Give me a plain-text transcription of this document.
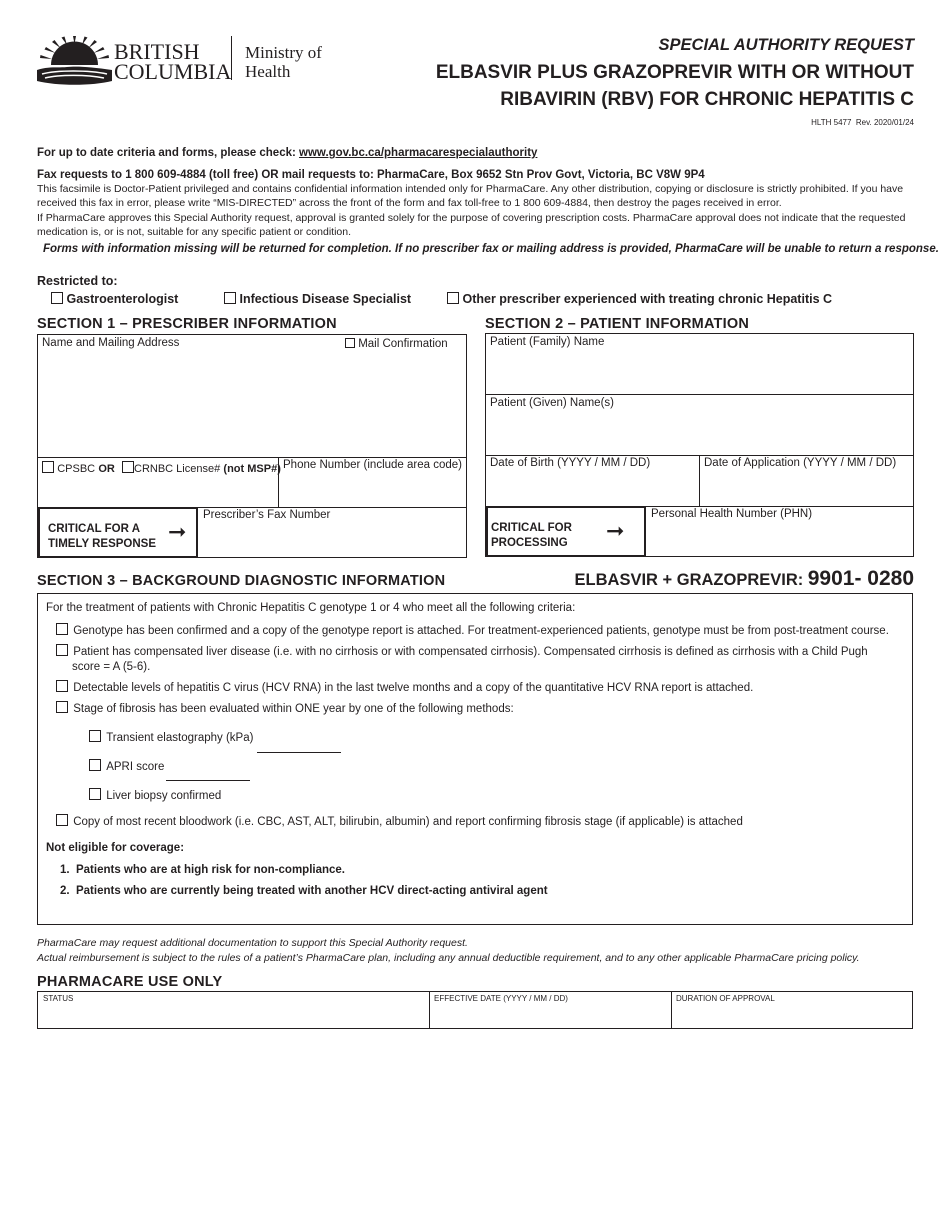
BRITISH
COLUMBIA
Ministry of
Health
SPECIAL AUTHORITY REQUEST
ELBASVIR PLUS GRAZOPREVIR WITH OR WITHOUT
RIBAVIRIN (RBV) FOR CHRONIC HEPATITIS C
HLTH 5477 Rev. 2020/01/24
For up to date criteria and forms, please check: www.gov.bc.ca/pharmacarespecialauthority
Fax requests to 1 800 609-4884 (toll free) OR mail requests to: PharmaCare, Box 9652 Stn Prov Govt, Victoria, BC V8W 9P4
This facsimile is Doctor-Patient privileged and contains confidential information intended only for PharmaCare. Any other distribution, copying or disclosure is strictly prohibited. If you have
received this fax in error, please write “MIS-DIRECTED” across the front of the form and fax toll-free to 1 800 609-4884, then destroy the pages received in error.
If PharmaCare approves this Special Authority request, approval is granted solely for the purpose of covering prescription costs. PharmaCare approval does not indicate that the requested
medication is, or is not, suitable for any specific patient or condition.
Forms with information missing will be returned for completion. If no prescriber fax or mailing address is provided, PharmaCare will be unable to return a response.
Restricted to:
Gastroenterologist	Infectious Disease Specialist	Other prescriber experienced with treating chronic Hepatitis C
SECTION 1 – PRESCRIBER INFORMATION
Name and Mailing Address	Mail Confirmation
CPSBC OR CRNBC License# (not MSP#) Phone Number (include area code)
CRITICAL FOR A
TIMELY RESPONSE ➞
Prescriber’s Fax Number
SECTION 2 – PATIENT INFORMATION
Patient (Family) Name
Patient (Given) Name(s)
Date of Birth (YYYY / MM / DD)	Date of Application (YYYY / MM / DD)
CRITICAL FOR
PROCESSING ➞
Personal Health Number (PHN)
SECTION 3 – BACKGROUND DIAGNOSTIC INFORMATION	ELBASVIR + GRAZOPREVIR: 9901- 0280
For the treatment of patients with Chronic Hepatitis C genotype 1 or 4 who meet all the following criteria:
Genotype has been confirmed and a copy of the genotype report is attached. For treatment-experienced patients, genotype must be from post-treatment course.
Patient has compensated liver disease (i.e. with no cirrhosis or with compensated cirrhosis). Compensated cirrhosis is defined as cirrhosis with a Child Pugh
score = A (5-6).
Detectable levels of hepatitis C virus (HCV RNA) in the last twelve months and a copy of the quantitative HCV RNA report is attached.
Stage of fibrosis has been evaluated within ONE year by one of the following methods:
Transient elastography (kPa)
APRI score
Liver biopsy confirmed
Copy of most recent bloodwork (i.e. CBC, AST, ALT, bilirubin, albumin) and report confirming fibrosis stage (if applicable) is attached
Not eligible for coverage:
1. Patients who are at high risk for non-compliance.
2. Patients who are currently being treated with another HCV direct-acting antiviral agent
PharmaCare may request additional documentation to support this Special Authority request.
Actual reimbursement is subject to the rules of a patient’s PharmaCare plan, including any annual deductible requirement, and to any other applicable PharmaCare pricing policy.
PHARMACARE USE ONLY
STATUS	EFFECTIVE DATE (YYYY / MM / DD)	DURATION OF APPROVAL
